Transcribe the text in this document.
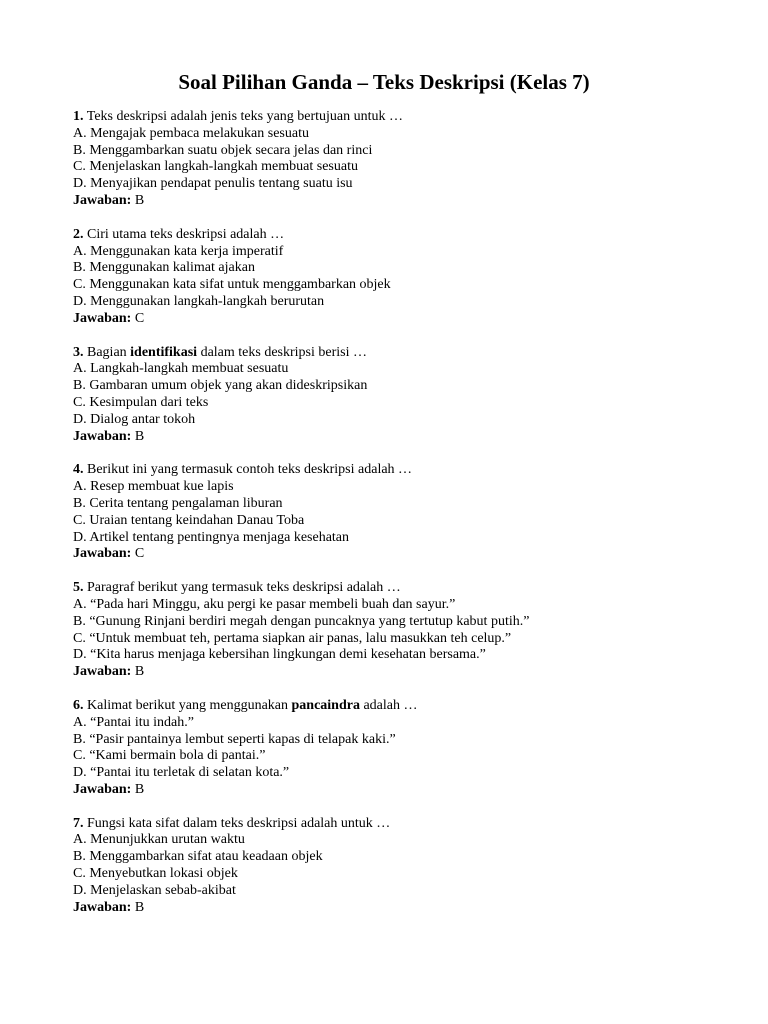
Soal Pilihan Ganda – Teks Deskripsi (Kelas 7)
1. Teks deskripsi adalah jenis teks yang bertujuan untuk …
A. Mengajak pembaca melakukan sesuatu
B. Menggambarkan suatu objek secara jelas dan rinci
C. Menjelaskan langkah-langkah membuat sesuatu
D. Menyajikan pendapat penulis tentang suatu isu
Jawaban: B
2. Ciri utama teks deskripsi adalah …
A. Menggunakan kata kerja imperatif
B. Menggunakan kalimat ajakan
C. Menggunakan kata sifat untuk menggambarkan objek
D. Menggunakan langkah-langkah berurutan
Jawaban: C
3. Bagian identifikasi dalam teks deskripsi berisi …
A. Langkah-langkah membuat sesuatu
B. Gambaran umum objek yang akan dideskripsikan
C. Kesimpulan dari teks
D. Dialog antar tokoh
Jawaban: B
4. Berikut ini yang termasuk contoh teks deskripsi adalah …
A. Resep membuat kue lapis
B. Cerita tentang pengalaman liburan
C. Uraian tentang keindahan Danau Toba
D. Artikel tentang pentingnya menjaga kesehatan
Jawaban: C
5. Paragraf berikut yang termasuk teks deskripsi adalah …
A. “Pada hari Minggu, aku pergi ke pasar membeli buah dan sayur.”
B. “Gunung Rinjani berdiri megah dengan puncaknya yang tertutup kabut putih.”
C. “Untuk membuat teh, pertama siapkan air panas, lalu masukkan teh celup.”
D. “Kita harus menjaga kebersihan lingkungan demi kesehatan bersama.”
Jawaban: B
6. Kalimat berikut yang menggunakan pancaindra adalah …
A. “Pantai itu indah.”
B. “Pasir pantainya lembut seperti kapas di telapak kaki.”
C. “Kami bermain bola di pantai.”
D. “Pantai itu terletak di selatan kota.”
Jawaban: B
7. Fungsi kata sifat dalam teks deskripsi adalah untuk …
A. Menunjukkan urutan waktu
B. Menggambarkan sifat atau keadaan objek
C. Menyebutkan lokasi objek
D. Menjelaskan sebab-akibat
Jawaban: B
